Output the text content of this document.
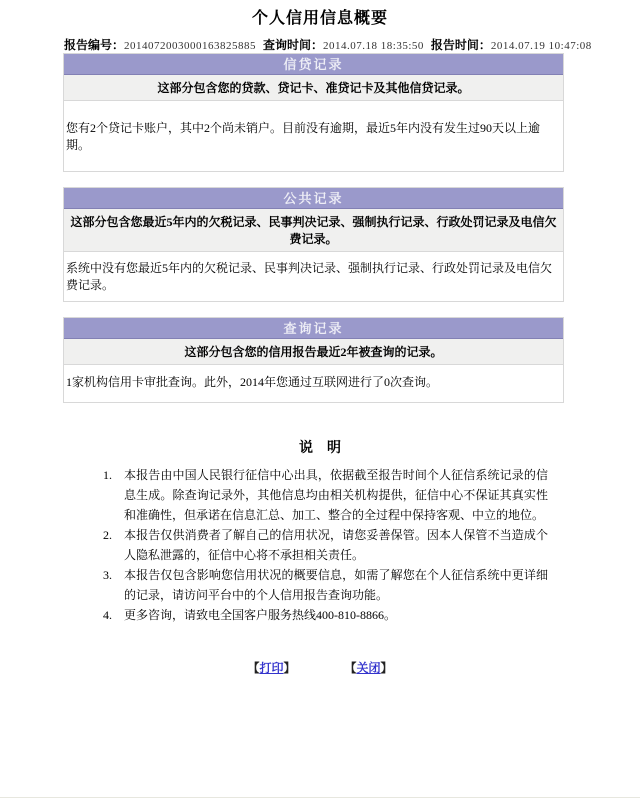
个人信用信息概要
报告编号：2014072003000163825885 查询时间：2014.07.18 18:35:50 报告时间：2014.07.19 10:47:08
信贷记录
这部分包含您的贷款、贷记卡、准贷记卡及其他信贷记录。
您有2个贷记卡账户，其中2个尚未销户。目前没有逾期，最近5年内没有发生过90天以上逾期。
公共记录
这部分包含您最近5年内的欠税记录、民事判决记录、强制执行记录、行政处罚记录及电信欠费记录。
系统中没有您最近5年内的欠税记录、民事判决记录、强制执行记录、行政处罚记录及电信欠费记录。
查询记录
这部分包含您的信用报告最近2年被查询的记录。
1家机构信用卡审批查询。此外，2014年您通过互联网进行了0次查询。
说　明
1.	本报告由中国人民银行征信中心出具，依据截至报告时间个人征信系统记录的信息生成。除查询记录外，其他信息均由相关机构提供，征信中心不保证其真实性和准确性，但承诺在信息汇总、加工、整合的全过程中保持客观、中立的地位。
2.	本报告仅供消费者了解自己的信用状况，请您妥善保管。因本人保管不当造成个人隐私泄露的，征信中心将不承担相关责任。
3.	本报告仅包含影响您信用状况的概要信息，如需了解您在个人征信系统中更详细的记录，请访问平台中的个人信用报告查询功能。
4.	更多咨询，请致电全国客户服务热线400-810-8866。
【打印】	【关闭】
